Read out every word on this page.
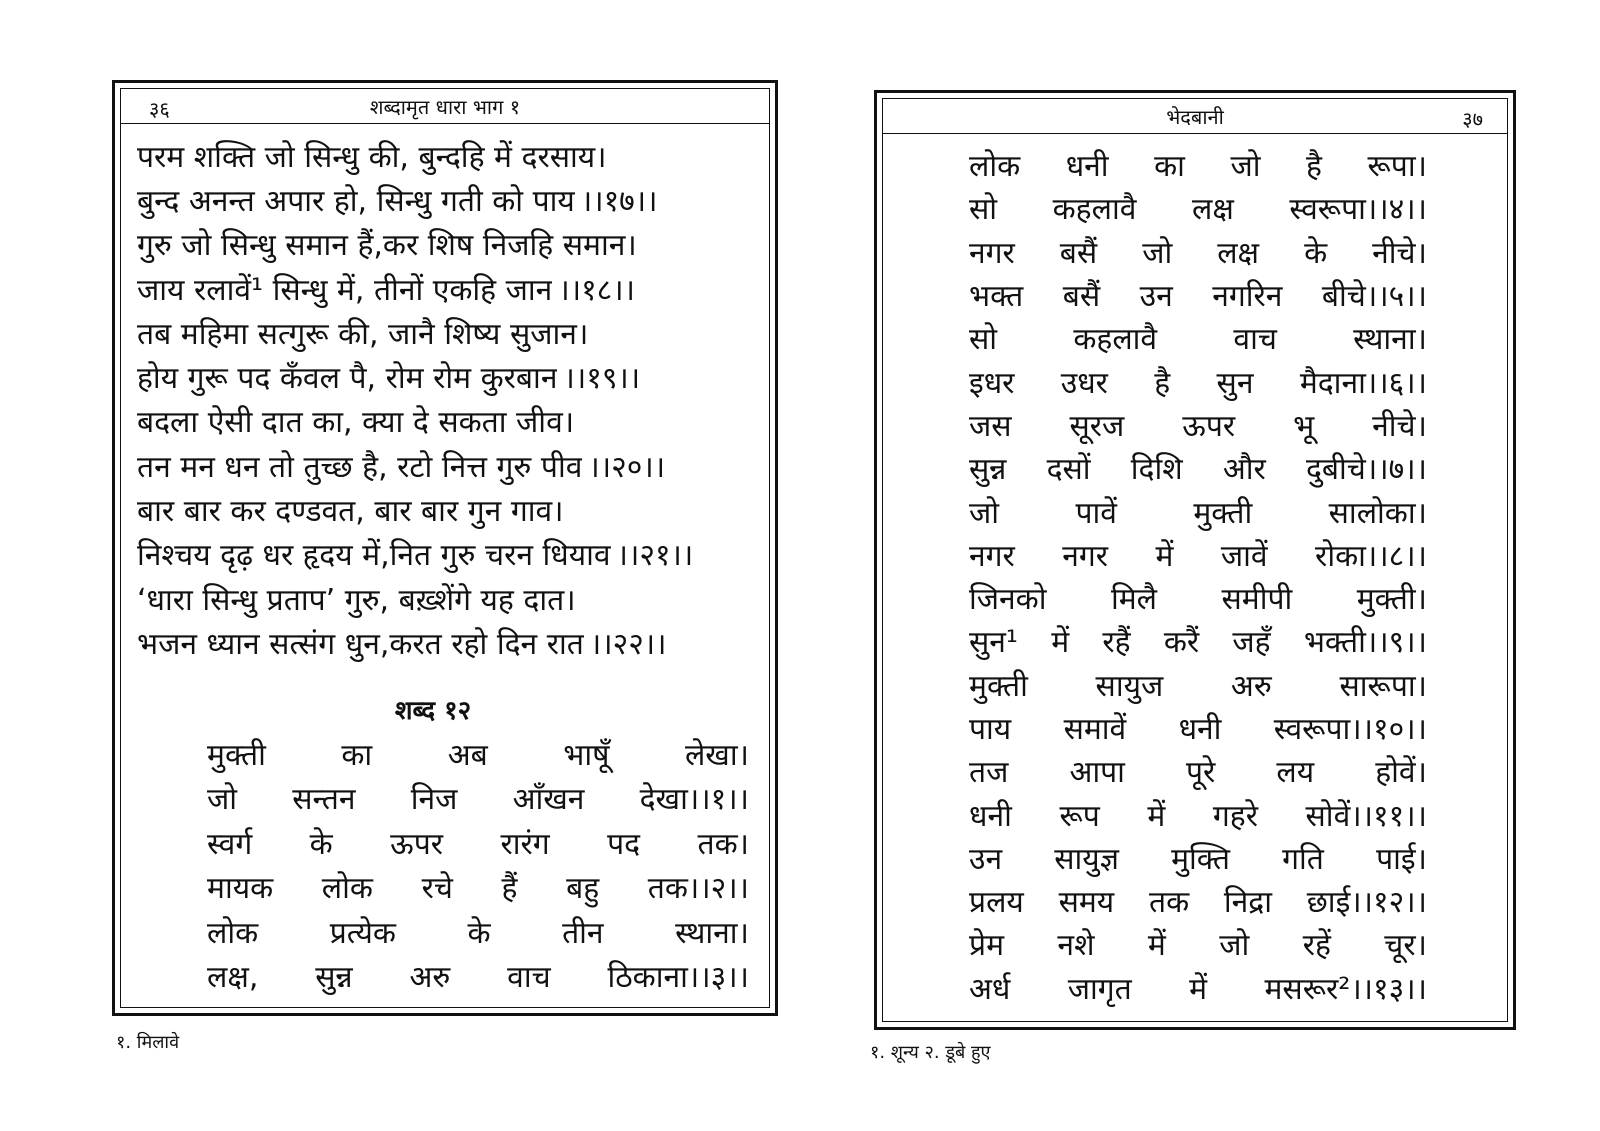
३६	शब्दामृत धारा भाग १
परम शक्ति जो सिन्धु की, बुन्दहि में दरसाय।
बुन्द अनन्त अपार हो, सिन्धु गती को पाय ।।१७।।
गुरु जो सिन्धु समान हैं,कर शिष निजहि समान।
जाय रलावें¹ सिन्धु में, तीनों एकहि जान ।।१८।।
तब महिमा सत्गुरू की, जानै शिष्य सुजान।
होय गुरू पद कँवल पै, रोम रोम कुरबान ।।१९।।
बदला ऐसी दात का, क्या दे सकता जीव।
तन मन धन तो तुच्छ है, रटो नित्त गुरु पीव ।।२०।।
बार बार कर दण्डवत, बार बार गुन गाव।
निश्चय दृढ़ धर हृदय में,नित गुरु चरन धियाव ।।२१।।
‘धारा सिन्धु प्रताप’ गुरु, बख़्शेंगे यह दात।
भजन ध्यान सत्संग धुन,करत रहो दिन रात ।।२२।।
शब्द १२
मुक्ती	का	अब	भाषूँ	लेखा।
जो सन्तन निज आँखन देखा।।१।।
स्वर्ग के ऊपर रारंग पद तक।
मायक लोक रचे हैं बहु तक।।२।।
लोक प्रत्येक के तीन स्थाना।
लक्ष, सुन्न अरु वाच ठिकाना।।३।।
१. मिलावे
भेदबानी	३७
लोक धनी का जो है रूपा।
सो कहलावै लक्ष स्वरूपा।।४।।
नगर बसैं जो लक्ष के नीचे।
भक्त बसैं उन नगरिन बीचे।।५।।
सो	कहलावै	वाच	स्थाना।
इधर उधर है सुन मैदाना।।६।।
जस सूरज ऊपर भू नीचे।
सुन्न दसों दिशि और दुबीचे।।७।।
जो	पावें	मुक्ती	सालोका।
नगर नगर में जावें रोका।।८।।
जिनको मिलै समीपी मुक्ती।
सुन¹ में रहैं करैं जहँ भक्ती।।९।।
मुक्ती सायुज अरु सारूपा।
पाय समावें धनी स्वरूपा।।१०।।
तज आपा पूरे लय होवें।
धनी रूप में गहरे सोवें।।११।।
उन सायुज्ञ मुक्ति गति पाई।
प्रलय समय तक निद्रा छाई।।१२।।
प्रेम नशे में जो रहें चूर।
अर्ध जागृत में मसरूर²।।१३।।
१. शून्य २. डूबे हुए
